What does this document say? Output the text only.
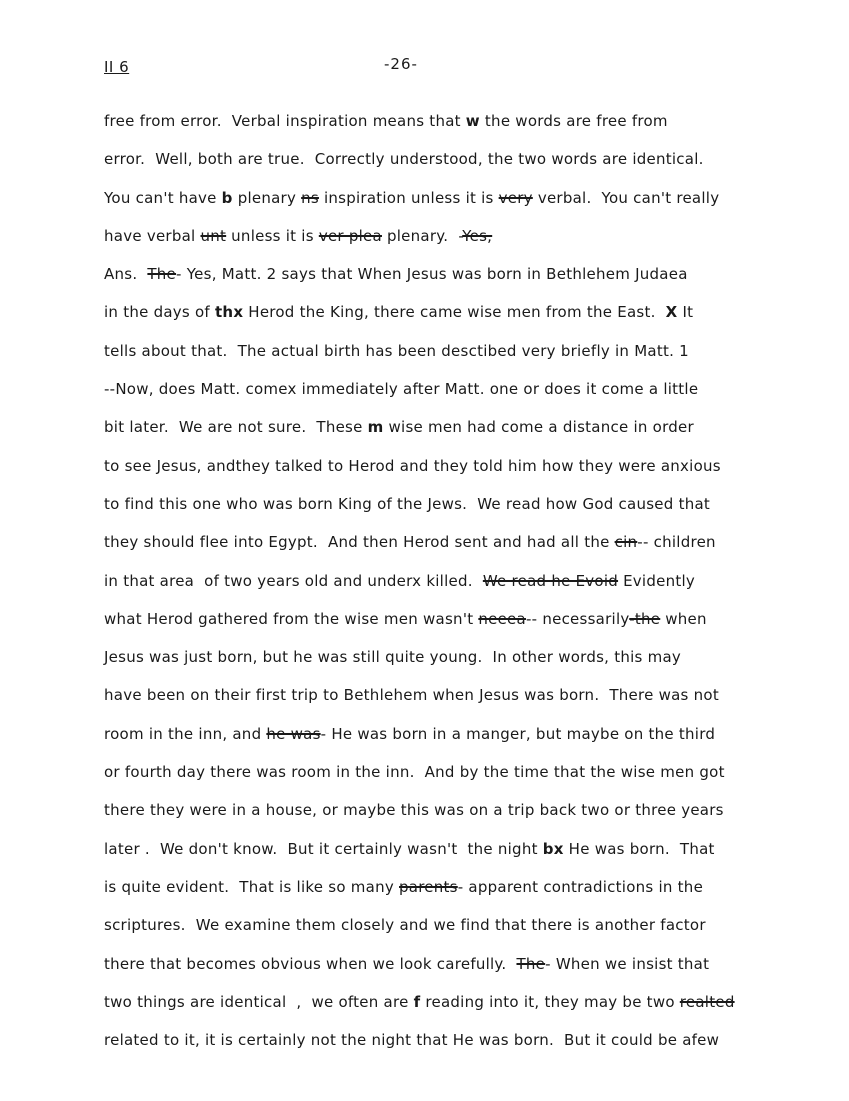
II 6	-26-
free from error.  Verbal inspiration means that w the words are free from
error.  Well, both are true.  Correctly understood, the two words are identical.
You can't have b plenary ns inspiration unless it is very verbal.  You can't really
have verbal unt unless it is ver plea plenary.  -Yes,
Ans.  The- Yes, Matt. 2 says that When Jesus was born in Bethlehem Judaea
in the days of thx Herod the King, there came wise men from the East.  X It
tells about that.  The actual birth has been desctibed very briefly in Matt. 1
--Now, does Matt. comex immediately after Matt. one or does it come a little
bit later.  We are not sure.  These m wise men had come a distance in order
to see Jesus, andthey talked to Herod and they told him how they were anxious
to find this one who was born King of the Jews.  We read how God caused that
they should flee into Egypt.  And then Herod sent and had all the cin-- children
in that area  of two years old and underx killed.  We read he Evoid Evidently
what Herod gathered from the wise men wasn't neeea-- necessarily-the when
Jesus was just born, but he was still quite young.  In other words, this may
have been on their first trip to Bethlehem when Jesus was born.  There was not
room in the inn, and he was- He was born in a manger, but maybe on the third
or fourth day there was room in the inn.  And by the time that the wise men got
there they were in a house, or maybe this was on a trip back two or three years
later .  We don't know.  But it certainly wasn't  the night bx He was born.  That
is quite evident.  That is like so many parents- apparent contradictions in the
scriptures.  We examine them closely and we find that there is another factor
there that becomes obvious when we look carefully.  The- When we insist that
two things are identical  ,  we often are f reading into it, they may be two realted
related to it, it is certainly not the night that He was born.  But it could be afew
